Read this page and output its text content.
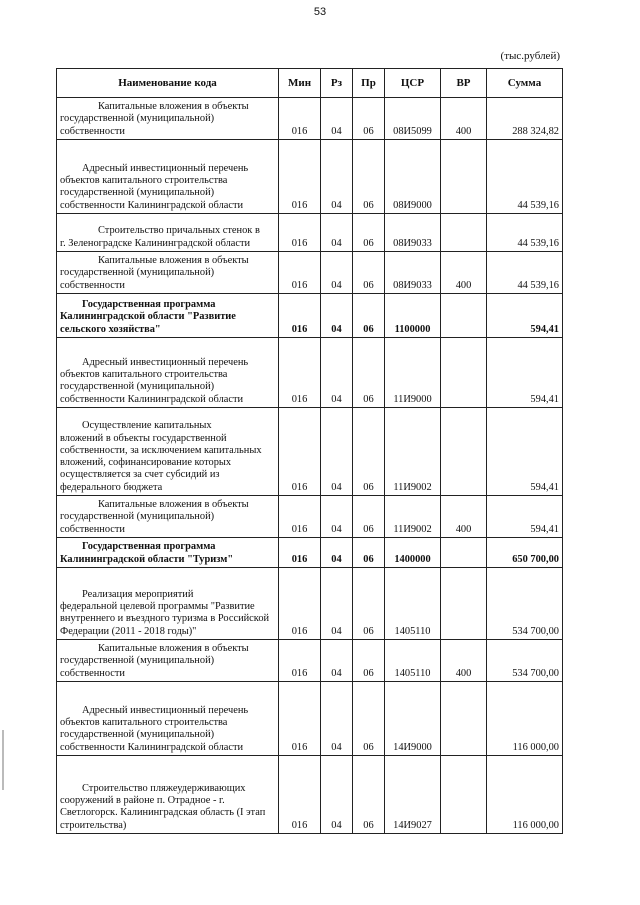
53
(тыс.рублей)
Наименование кода	Мин	Рз	Пр	ЦСР	ВР	Сумма

Капитальные вложения в объекты
государственной (муниципальной) собственности	016	04	06	08И5099	400	288 324,82

Адресный инвестиционный перечень
объектов капитального строительства государственной (муниципальной) собственности Калининградской области	016	04	06	08И9000		44 539,16

Строительство причальных стенок в
г. Зеленоградске Калининградской области	016	04	06	08И9033		44 539,16

Капитальные вложения в объекты
государственной (муниципальной) собственности	016	04	06	08И9033	400	44 539,16

Государственная программа
Калининградской области "Развитие сельского хозяйства"	016	04	06	1100000		594,41

Адресный инвестиционный перечень
объектов капитального строительства государственной (муниципальной) собственности Калининградской области	016	04	06	11И9000		594,41

Осуществление капитальных
вложений в объекты государственной собственности, за исключением капитальных вложений, софинансирование которых осуществляется за счет субсидий из федерального бюджета	016	04	06	11И9002		594,41

Капитальные вложения в объекты
государственной (муниципальной) собственности	016	04	06	11И9002	400	594,41

Государственная программа
Калининградской области "Туризм"	016	04	06	1400000		650 700,00

Реализация мероприятий
федеральной целевой программы "Развитие внутреннего и въездного туризма в Российской Федерации (2011 - 2018 годы)"	016	04	06	1405110		534 700,00

Капитальные вложения в объекты
государственной (муниципальной) собственности	016	04	06	1405110	400	534 700,00

Адресный инвестиционный перечень
объектов капитального строительства государственной (муниципальной) собственности Калининградской области	016	04	06	14И9000		116 000,00

Строительство пляжеудерживающих
сооружений в районе п. Отрадное - г. Светлогорск. Калининградская область (I этап строительства)	016	04	06	14И9027		116 000,00
